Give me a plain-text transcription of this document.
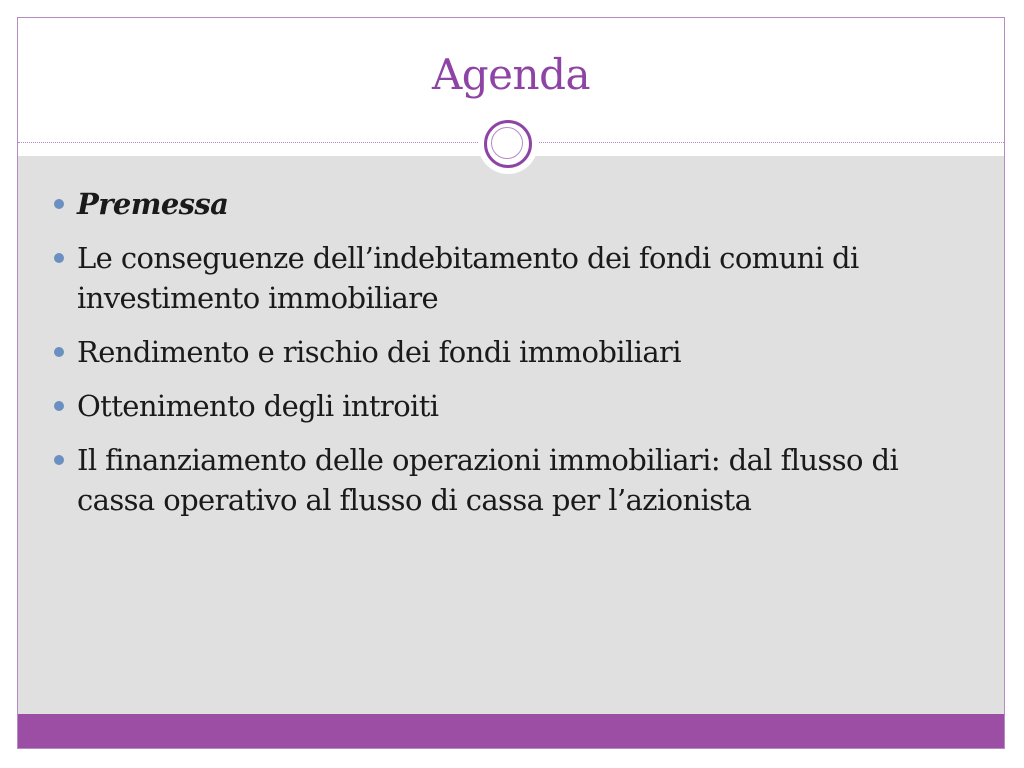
Agenda
Premessa
Le conseguenze dell’indebitamento dei fondi comuni di investimento immobiliare
Rendimento e rischio dei fondi immobiliari
Ottenimento degli introiti
Il finanziamento delle operazioni immobiliari: dal flusso di cassa operativo al flusso di cassa per l’azionista
